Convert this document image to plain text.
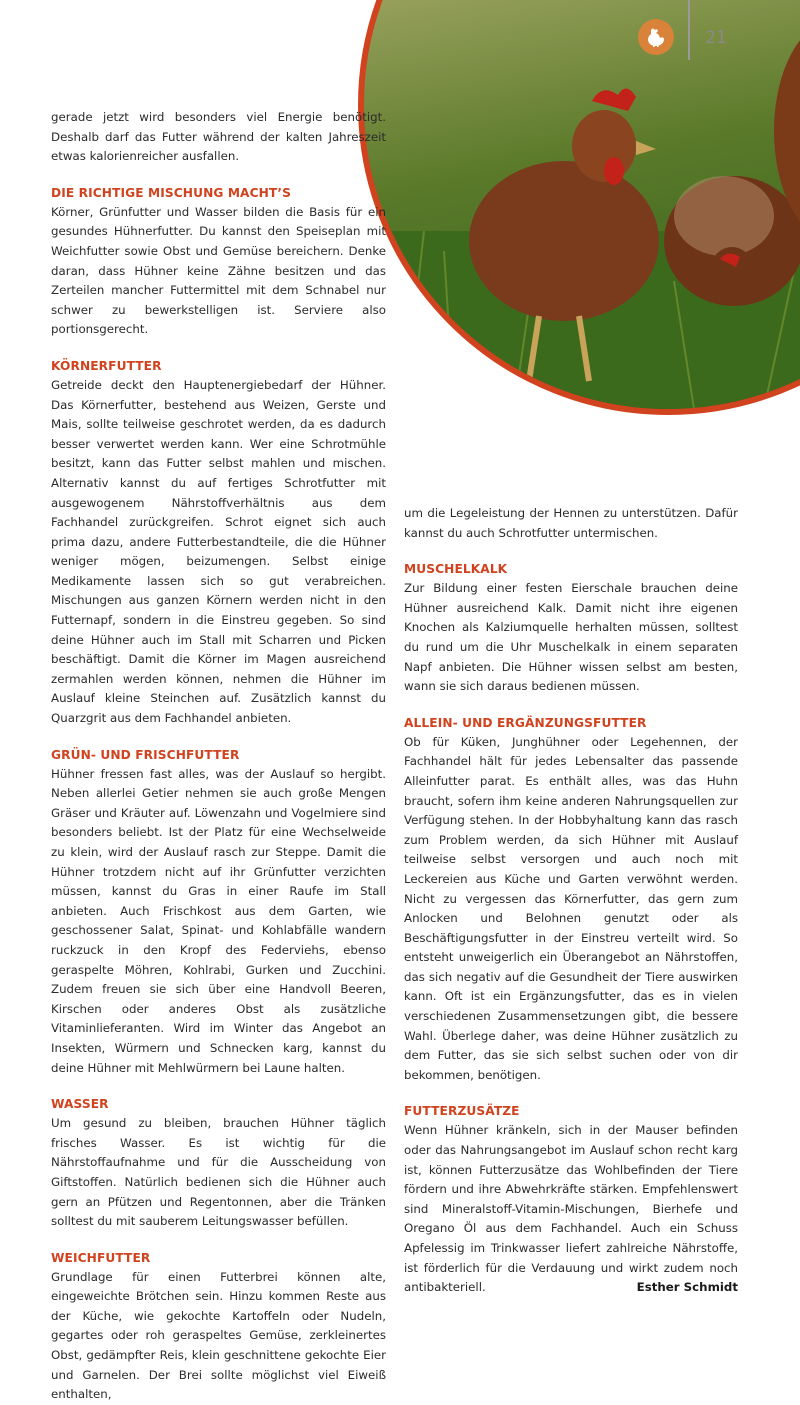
21

gerade jetzt wird besonders viel Energie benötigt. Deshalb darf das Futter während der kalten Jahreszeit etwas kalorienreicher ausfallen.

DIE RICHTIGE MISCHUNG MACHT’S

Körner, Grünfutter und Wasser bilden die Basis für ein gesundes Hühnerfutter. Du kannst den Speiseplan mit Weichfutter sowie Obst und Gemüse bereichern. Denke daran, dass Hühner keine Zähne besitzen und das Zerteilen mancher Futtermittel mit dem Schnabel nur schwer zu bewerkstelligen ist. Serviere also portionsgerecht.

KÖRNERFUTTER

Getreide deckt den Hauptenergiebedarf der Hühner. Das Körnerfutter, bestehend aus Weizen, Gerste und Mais, sollte teilweise geschrotet werden, da es dadurch besser verwertet werden kann. Wer eine Schrotmühle besitzt, kann das Futter selbst mahlen und mischen. Alternativ kannst du auf fertiges Schrotfutter mit ausgewogenem Nährstoffverhältnis aus dem Fachhandel zurückgreifen. Schrot eignet sich auch prima dazu, andere Futterbestandteile, die die Hühner weniger mögen, beizumengen. Selbst einige Medikamente lassen sich so gut verabreichen. Mischungen aus ganzen Körnern werden nicht in den Futternapf, sondern in die Einstreu gegeben. So sind deine Hühner auch im Stall mit Scharren und Picken beschäftigt. Damit die Körner im Magen ausreichend zermahlen werden können, nehmen die Hühner im Auslauf kleine Steinchen auf. Zusätzlich kannst du Quarzgrit aus dem Fachhandel anbieten.

GRÜN- UND FRISCHFUTTER

Hühner fressen fast alles, was der Auslauf so hergibt. Neben allerlei Getier nehmen sie auch große Mengen Gräser und Kräuter auf. Löwenzahn und Vogelmiere sind besonders beliebt. Ist der Platz für eine Wechselweide zu klein, wird der Auslauf rasch zur Steppe. Damit die Hühner trotzdem nicht auf ihr Grünfutter verzichten müssen, kannst du Gras in einer Raufe im Stall anbieten. Auch Frischkost aus dem Garten, wie geschossener Salat, Spinat- und Kohlabfälle wandern ruckzuck in den Kropf des Federviehs, ebenso geraspelte Möhren, Kohlrabi, Gurken und Zucchini. Zudem freuen sie sich über eine Handvoll Beeren, Kirschen oder anderes Obst als zusätzliche Vitaminlieferanten. Wird im Winter das Angebot an Insekten, Würmern und Schnecken karg, kannst du deine Hühner mit Mehlwürmern bei Laune halten.

WASSER

Um gesund zu bleiben, brauchen Hühner täglich frisches Wasser. Es ist wichtig für die Nährstoffaufnahme und für die Ausscheidung von Giftstoffen. Natürlich bedienen sich die Hühner auch gern an Pfützen und Regentonnen, aber die Tränken solltest du mit sauberem Leitungswasser befüllen.

WEICHFUTTER

Grundlage für einen Futterbrei können alte, eingeweichte Brötchen sein. Hinzu kommen Reste aus der Küche, wie gekochte Kartoffeln oder Nudeln, gegartes oder roh geraspeltes Gemüse, zerkleinertes Obst, gedämpfter Reis, klein geschnittene gekochte Eier und Garnelen. Der Brei sollte möglichst viel Eiweiß enthalten,

um die Legeleistung der Hennen zu unterstützen. Dafür kannst du auch Schrotfutter untermischen.

MUSCHELKALK

Zur Bildung einer festen Eierschale brauchen deine Hühner ausreichend Kalk. Damit nicht ihre eigenen Knochen als Kalziumquelle herhalten müssen, solltest du rund um die Uhr Muschelkalk in einem separaten Napf anbieten. Die Hühner wissen selbst am besten, wann sie sich daraus bedienen müssen.

ALLEIN- UND ERGÄNZUNGSFUTTER

Ob für Küken, Junghühner oder Legehennen, der Fachhandel hält für jedes Lebensalter das passende Alleinfutter parat. Es enthält alles, was das Huhn braucht, sofern ihm keine anderen Nahrungsquellen zur Verfügung stehen. In der Hobbyhaltung kann das rasch zum Problem werden, da sich Hühner mit Auslauf teilweise selbst versorgen und auch noch mit Leckereien aus Küche und Garten verwöhnt werden. Nicht zu vergessen das Körnerfutter, das gern zum Anlocken und Belohnen genutzt oder als Beschäftigungsfutter in der Einstreu verteilt wird. So entsteht unweigerlich ein Überangebot an Nährstoffen, das sich negativ auf die Gesundheit der Tiere auswirken kann. Oft ist ein Ergänzungsfutter, das es in vielen verschiedenen Zusammensetzungen gibt, die bessere Wahl. Überlege daher, was deine Hühner zusätzlich zu dem Futter, das sie sich selbst suchen oder von dir bekommen, benötigen.

FUTTERZUSÄTZE

Wenn Hühner kränkeln, sich in der Mauser befinden oder das Nahrungsangebot im Auslauf schon recht karg ist, können Futterzusätze das Wohlbefinden der Tiere fördern und ihre Abwehrkräfte stärken. Empfehlenswert sind Mineralstoff-Vitamin-Mischungen, Bierhefe und Oregano Öl aus dem Fachhandel. Auch ein Schuss Apfelessig im Trinkwasser liefert zahlreiche Nährstoffe, ist förderlich für die Verdauung und wirkt zudem noch antibakteriell.	Esther Schmidt
